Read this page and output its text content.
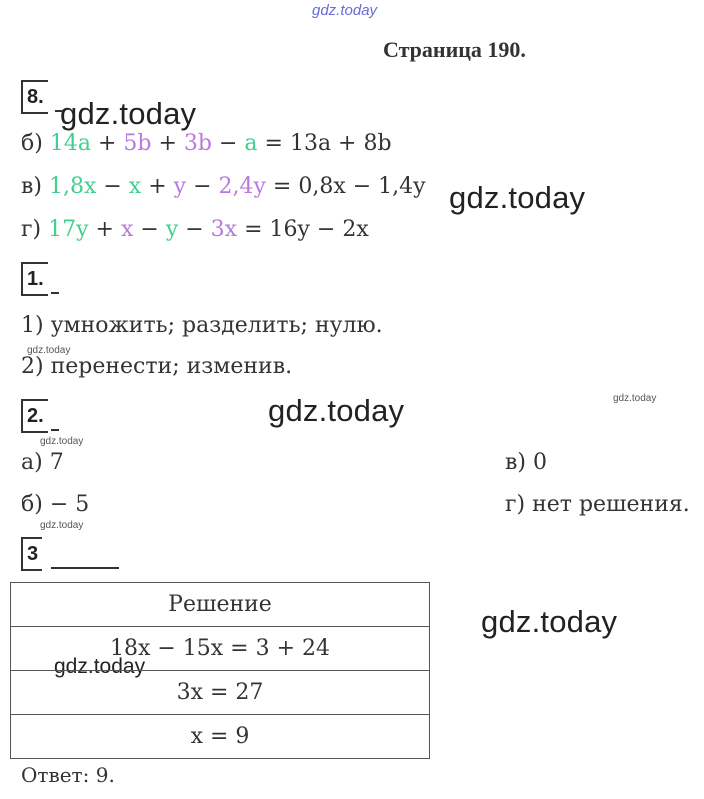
gdz.today
gdz.today
gdz.today
gdz.today
gdz.today
gdz.today
gdz.today
gdz.today
gdz.today
gdz.today
Страница 190.
8.
б) 14a + 5b + 3b − a = 13a + 8b
в) 1,8x − x + y − 2,4y = 0,8x − 1,4y
г) 17y + x − y − 3x = 16y − 2x
1.
1) умножить; разделить; нулю.
2) перенести; изменив.
2.
а) 7
б) − 5
в) 0
г) нет решения.
3
Решение
18x − 15x = 3 + 24
3x = 27
x = 9
Ответ: 9.
